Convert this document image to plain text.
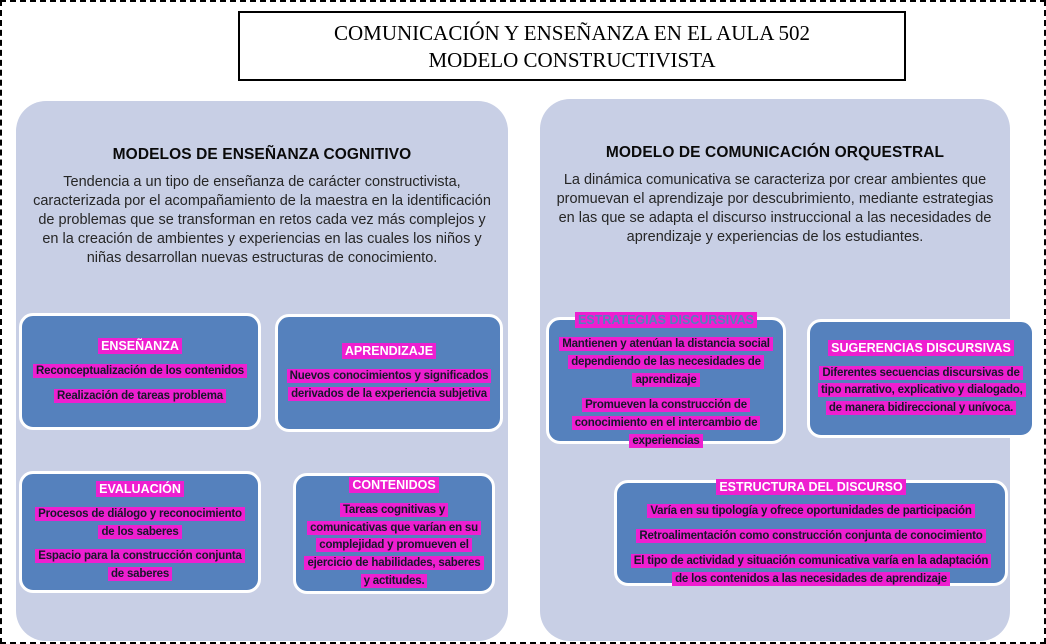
COMUNICACIÓN Y ENSEÑANZA EN EL AULA 502
MODELO CONSTRUCTIVISTA
MODELOS DE ENSEÑANZA COGNITIVO
Tendencia a un tipo de enseñanza de carácter constructivista, caracterizada por el acompañamiento de la maestra en la identificación de problemas que se transforman en retos cada vez más complejos y en la creación de ambientes y experiencias en las cuales los niños y niñas desarrollan nuevas estructuras de conocimiento.
ENSEÑANZA
Reconceptualización de los contenidos
Realización de tareas problema
APRENDIZAJE
Nuevos conocimientos y significados derivados de la experiencia subjetiva
EVALUACIÓN
Procesos de diálogo y reconocimiento de los saberes
Espacio para la construcción conjunta de saberes
CONTENIDOS
Tareas cognitivas y comunicativas que varían en su complejidad y promueven el ejercicio de habilidades, saberes y actitudes.
MODELO DE COMUNICACIÓN ORQUESTRAL
La dinámica comunicativa se caracteriza por crear ambientes que promuevan el aprendizaje por descubrimiento, mediante estrategias en las que se adapta el discurso instruccional a las necesidades de aprendizaje y experiencias de los estudiantes.
ESTRATEGIAS DISCURSIVAS
Mantienen y atenúan la distancia social dependiendo de las necesidades de aprendizaje
Promueven la construcción de conocimiento en el intercambio de experiencias
SUGERENCIAS DISCURSIVAS
Diferentes secuencias discursivas de tipo narrativo, explicativo y dialogado, de manera bidireccional y unívoca.
ESTRUCTURA DEL DISCURSO
Varía en su tipología y ofrece oportunidades de participación
Retroalimentación como construcción conjunta de conocimiento
El tipo de actividad y situación comunicativa varía en la adaptación de los contenidos a las necesidades de aprendizaje
